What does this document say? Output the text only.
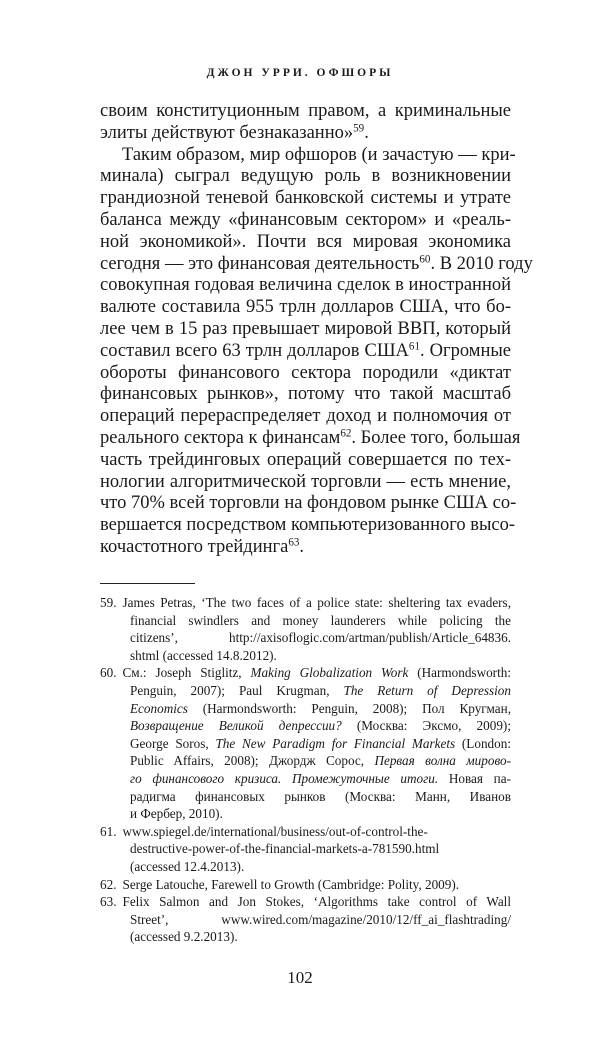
ДЖОН УРРИ. ОФШОРЫ
своим конституционным правом, а криминальные
элиты действуют безнаказанно»$^{59}$.
Таким образом, мир офшоров (и зачастую — кри-
минала) сыграл ведущую роль в возникновении
грандиозной теневой банковской системы и утрате
баланса между «финансовым сектором» и «реаль-
ной экономикой». Почти вся мировая экономика
сегодня — это финансовая деятельность$^{60}$. В 2010 году
совокупная годовая величина сделок в иностранной
валюте составила 955 трлн долларов США, что бо-
лее чем в 15 раз превышает мировой ВВП, который
составил всего 63 трлн долларов США$^{61}$. Огромные
обороты финансового сектора породили «диктат
финансовых рынков», потому что такой масштаб
операций перераспределяет доход и полномочия от
реального сектора к финансам$^{62}$. Более того, большая
часть трейдинговых операций совершается по тех-
нологии алгоритмической торговли — есть мнение,
что 70% всей торговли на фондовом рынке США со-
вершается посредством компьютеризованного высо-
кочастотного трейдинга$^{63}$.
59. James Petras, ‘The two faces of a police state: sheltering tax evaders,
financial swindlers and money launderers while policing the
citizens’, http://axisoflogic.com/artman/publish/Article_64836.
shtml (accessed 14.8.2012).
60. См.: Joseph Stiglitz, Making Globalization Work (Harmondsworth:
Penguin, 2007); Paul Krugman, The Return of Depression
Economics (Harmondsworth: Penguin, 2008); Пол Кругман,
Возвращение Великой депрессии? (Москва: Эксмо, 2009);
George Soros, The New Paradigm for Financial Markets (London:
Public Affairs, 2008); Джордж Сорос, Первая волна мирово-
го финансового кризиса. Промежуточные итоги. Новая па-
радигма финансовых рынков (Москва: Манн, Иванов
и Фербер, 2010).
61. www.spiegel.de/international/business/out-of-control-the-
destructive-power-of-the-financial-markets-a-781590.html
(accessed 12.4.2013).
62. Serge Latouche, Farewell to Growth (Cambridge: Polity, 2009).
63. Felix Salmon and Jon Stokes, ‘Algorithms take control of Wall
Street’, www.wired.com/magazine/2010/12/ff_ai_flashtrading/
(accessed 9.2.2013).
102
